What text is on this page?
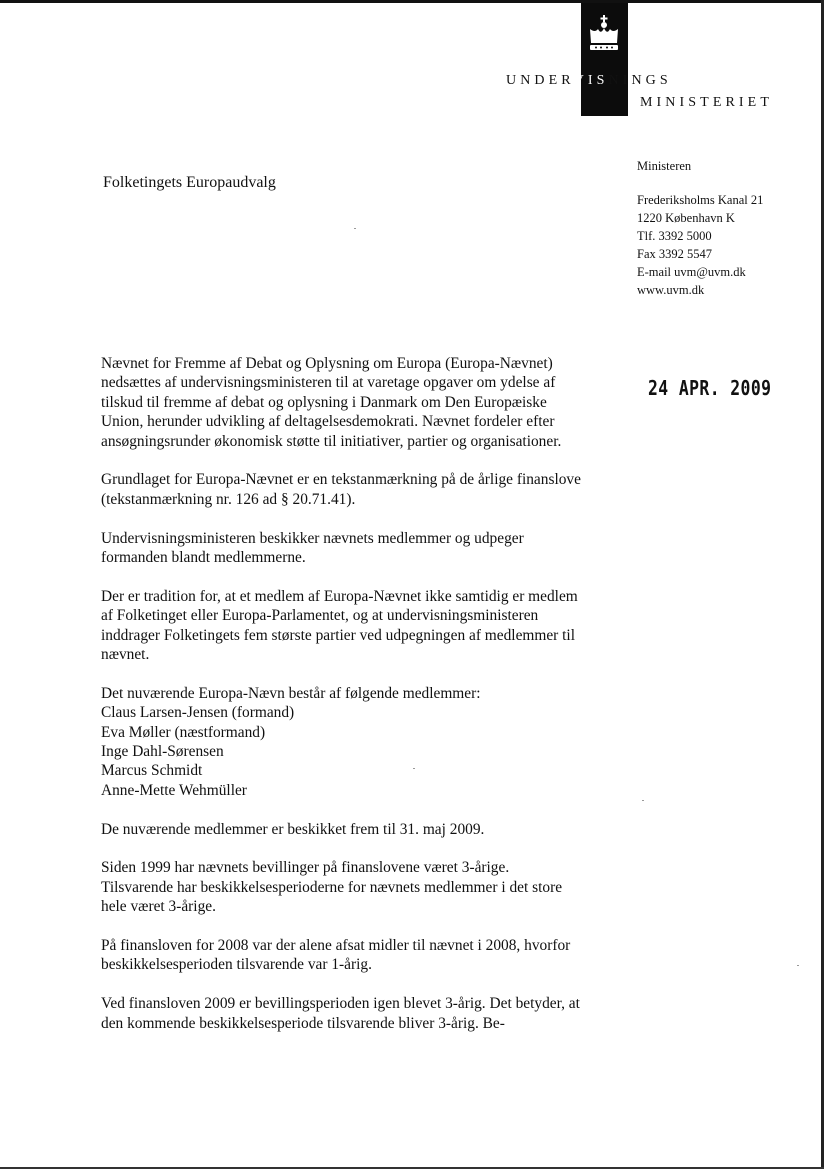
UNDERVISNINGS
MINISTERIET
Folketingets Europaudvalg
Ministeren
Frederiksholms Kanal 21
1220 København K
Tlf. 3392 5000
Fax 3392 5547
E-mail uvm@uvm.dk
www.uvm.dk
24 APR. 2009

Nævnet for Fremme af Debat og Oplysning om Europa (Europa-Nævnet) nedsættes af undervisningsministeren til at varetage opgaver om ydelse af tilskud til fremme af debat og oplysning i Danmark om Den Europæiske Union, herunder udvikling af deltagelsesdemokrati. Nævnet fordeler efter ansøgningsrunder økonomisk støtte til initiativer, partier og organisationer.

Grundlaget for Europa-Nævnet er en tekstanmærkning på de årlige finanslove (tekstanmærkning nr. 126 ad § 20.71.41).

Undervisningsministeren beskikker nævnets medlemmer og udpeger formanden blandt medlemmerne.

Der er tradition for, at et medlem af Europa-Nævnet ikke samtidig er medlem af Folketinget eller Europa-Parlamentet, og at undervisningsministeren inddrager Folketingets fem største partier ved udpegningen af medlemmer til nævnet.

Det nuværende Europa-Nævn består af følgende medlemmer:
Claus Larsen-Jensen (formand)
Eva Møller (næstformand)
Inge Dahl-Sørensen
Marcus Schmidt
Anne-Mette Wehmüller

De nuværende medlemmer er beskikket frem til 31. maj 2009.

Siden 1999 har nævnets bevillinger på finanslovene været 3-årige. Tilsvarende har beskikkelsesperioderne for nævnets medlemmer i det store hele været 3-årige.

På finansloven for 2008 var der alene afsat midler til nævnet i 2008, hvorfor beskikkelsesperioden tilsvarende var 1-årig.

Ved finansloven 2009 er bevillingsperioden igen blevet 3-årig. Det betyder, at den kommende beskikkelsesperiode tilsvarende bliver 3-årig. Be-
